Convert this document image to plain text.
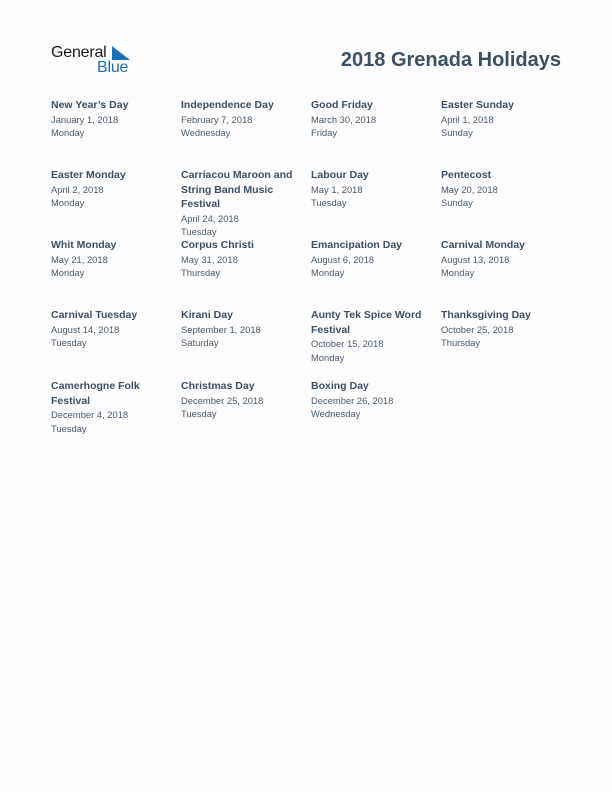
General
Blue	2018 Grenada Holidays
New Year’s Day
January 1, 2018
Monday
Independence Day
February 7, 2018
Wednesday
Good Friday
March 30, 2018
Friday
Easter Sunday
April 1, 2018
Sunday
Easter Monday
April 2, 2018
Monday
Carriacou Maroon and String Band Music Festival
April 24, 2018
Tuesday
Labour Day
May 1, 2018
Tuesday
Pentecost
May 20, 2018
Sunday
Whit Monday
May 21, 2018
Monday
Corpus Christi
May 31, 2018
Thursday
Emancipation Day
August 6, 2018
Monday
Carnival Monday
August 13, 2018
Monday
Carnival Tuesday
August 14, 2018
Tuesday
Kirani Day
September 1, 2018
Saturday
Aunty Tek Spice Word Festival
October 15, 2018
Monday
Thanksgiving Day
October 25, 2018
Thursday
Camerhogne Folk Festival
December 4, 2018
Tuesday
Christmas Day
December 25, 2018
Tuesday
Boxing Day
December 26, 2018
Wednesday
